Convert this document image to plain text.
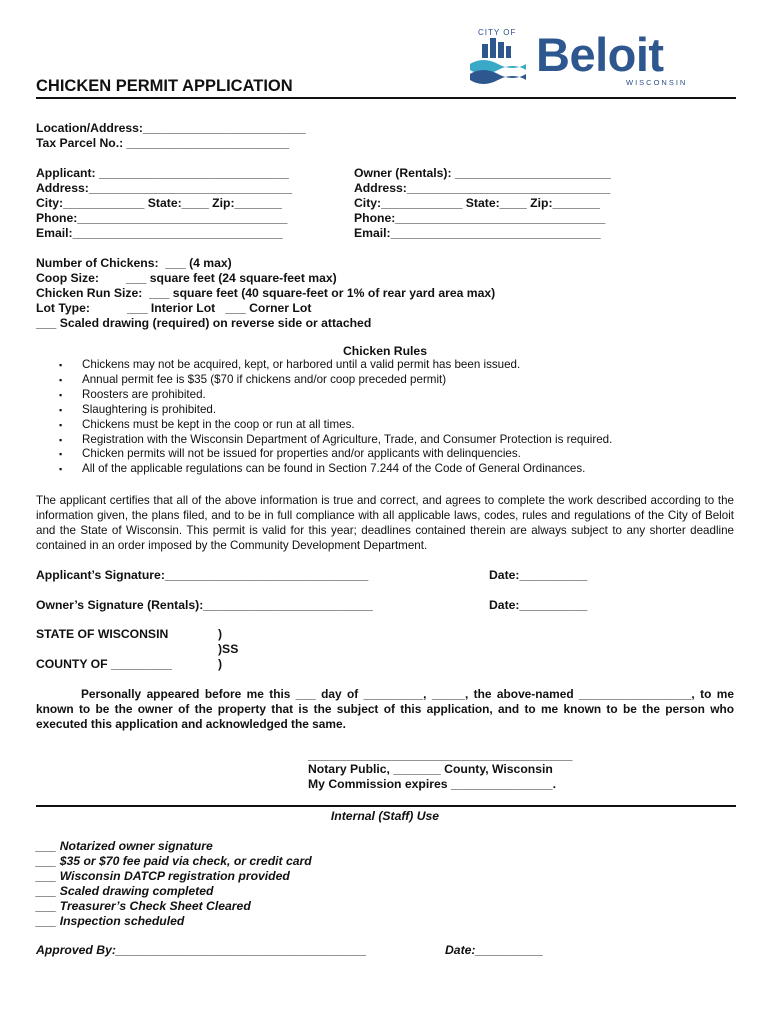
CITY OF Beloit
WISCONSIN
CHICKEN PERMIT APPLICATION
Location/Address:________________________
Tax Parcel No.: ________________________
Applicant: ____________________________
Address:______________________________
City:____________ State:____ Zip:_______
Phone:_______________________________
Email:_______________________________
Owner (Rentals): _______________________
Address:______________________________
City:____________ State:____ Zip:_______
Phone:_______________________________
Email:_______________________________
Number of Chickens:  ___ (4 max)
Coop Size:        ___ square feet (24 square-feet max)
Chicken Run Size:  ___ square feet (40 square-feet or 1% of rear yard area max)
Lot Type:           ___ Interior Lot   ___ Corner Lot
___ Scaled drawing (required) on reverse side or attached
Chicken Rules
▪ Chickens may not be acquired, kept, or harbored until a valid permit has been issued.
▪ Annual permit fee is $35 ($70 if chickens and/or coop preceded permit)
▪ Roosters are prohibited.
▪ Slaughtering is prohibited.
▪ Chickens must be kept in the coop or run at all times.
▪ Registration with the Wisconsin Department of Agriculture, Trade, and Consumer Protection is required.
▪ Chicken permits will not be issued for properties and/or applicants with delinquencies.
▪ All of the applicable regulations can be found in Section 7.244 of the Code of General Ordinances.
The applicant certifies that all of the above information is true and correct, and agrees to complete the work described according to the information given, the plans filed, and to be in full compliance with all applicable laws, codes, rules and regulations of the City of Beloit and the State of Wisconsin. This permit is valid for this year; deadlines contained therein are always subject to any shorter deadline contained in an order imposed by the Community Development Department.
Applicant’s Signature:______________________________	Date:__________
Owner’s Signature (Rentals):_________________________	Date:__________
STATE OF WISCONSIN	)
)SS
)
COUNTY OF _________
Personally appeared before me this ___ day of _________, _____, the above-named _________________, to me known to be the owner of the property that is the subject of this application, and to me known to be the person who executed this application and acknowledged the same.
_______________________________________
Notary Public, _______ County, Wisconsin
My Commission expires _______________.
Internal (Staff) Use
___ Notarized owner signature
___ $35 or $70 fee paid via check, or credit card
___ Wisconsin DATCP registration provided
___ Scaled drawing completed
___ Treasurer’s Check Sheet Cleared
___ Inspection scheduled
Approved By:_____________________________________	Date:__________
